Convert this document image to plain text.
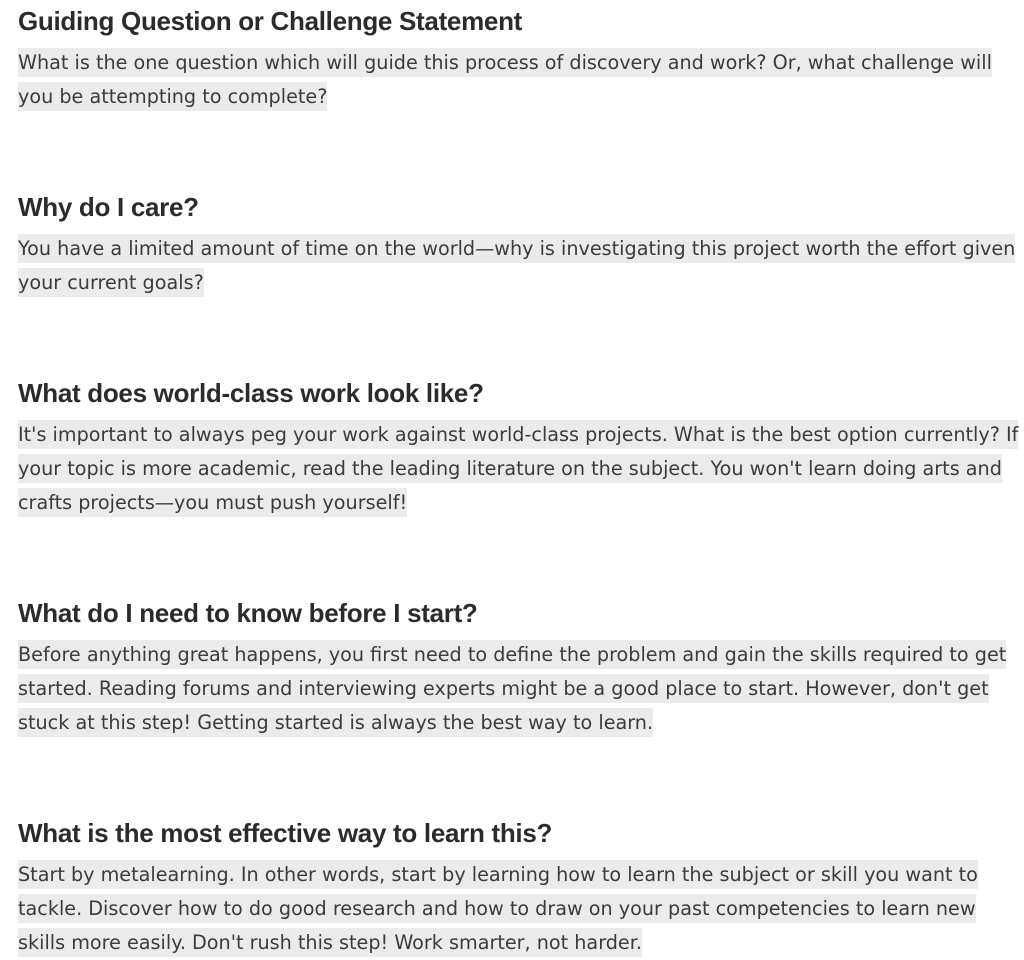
Guiding Question or Challenge Statement

What is the one question which will guide this process of discovery and work? Or, what challenge will you be attempting to complete?

Why do I care?

You have a limited amount of time on the world—why is investigating this project worth the effort given your current goals?

What does world-class work look like?

It's important to always peg your work against world-class projects. What is the best option currently? If your topic is more academic, read the leading literature on the subject. You won't learn doing arts and crafts projects—you must push yourself!

What do I need to know before I start?

Before anything great happens, you first need to define the problem and gain the skills required to get started. Reading forums and interviewing experts might be a good place to start. However, don't get stuck at this step! Getting started is always the best way to learn.

What is the most effective way to learn this?

Start by metalearning. In other words, start by learning how to learn the subject or skill you want to tackle. Discover how to do good research and how to draw on your past competencies to learn new skills more easily. Don't rush this step! Work smarter, not harder.
